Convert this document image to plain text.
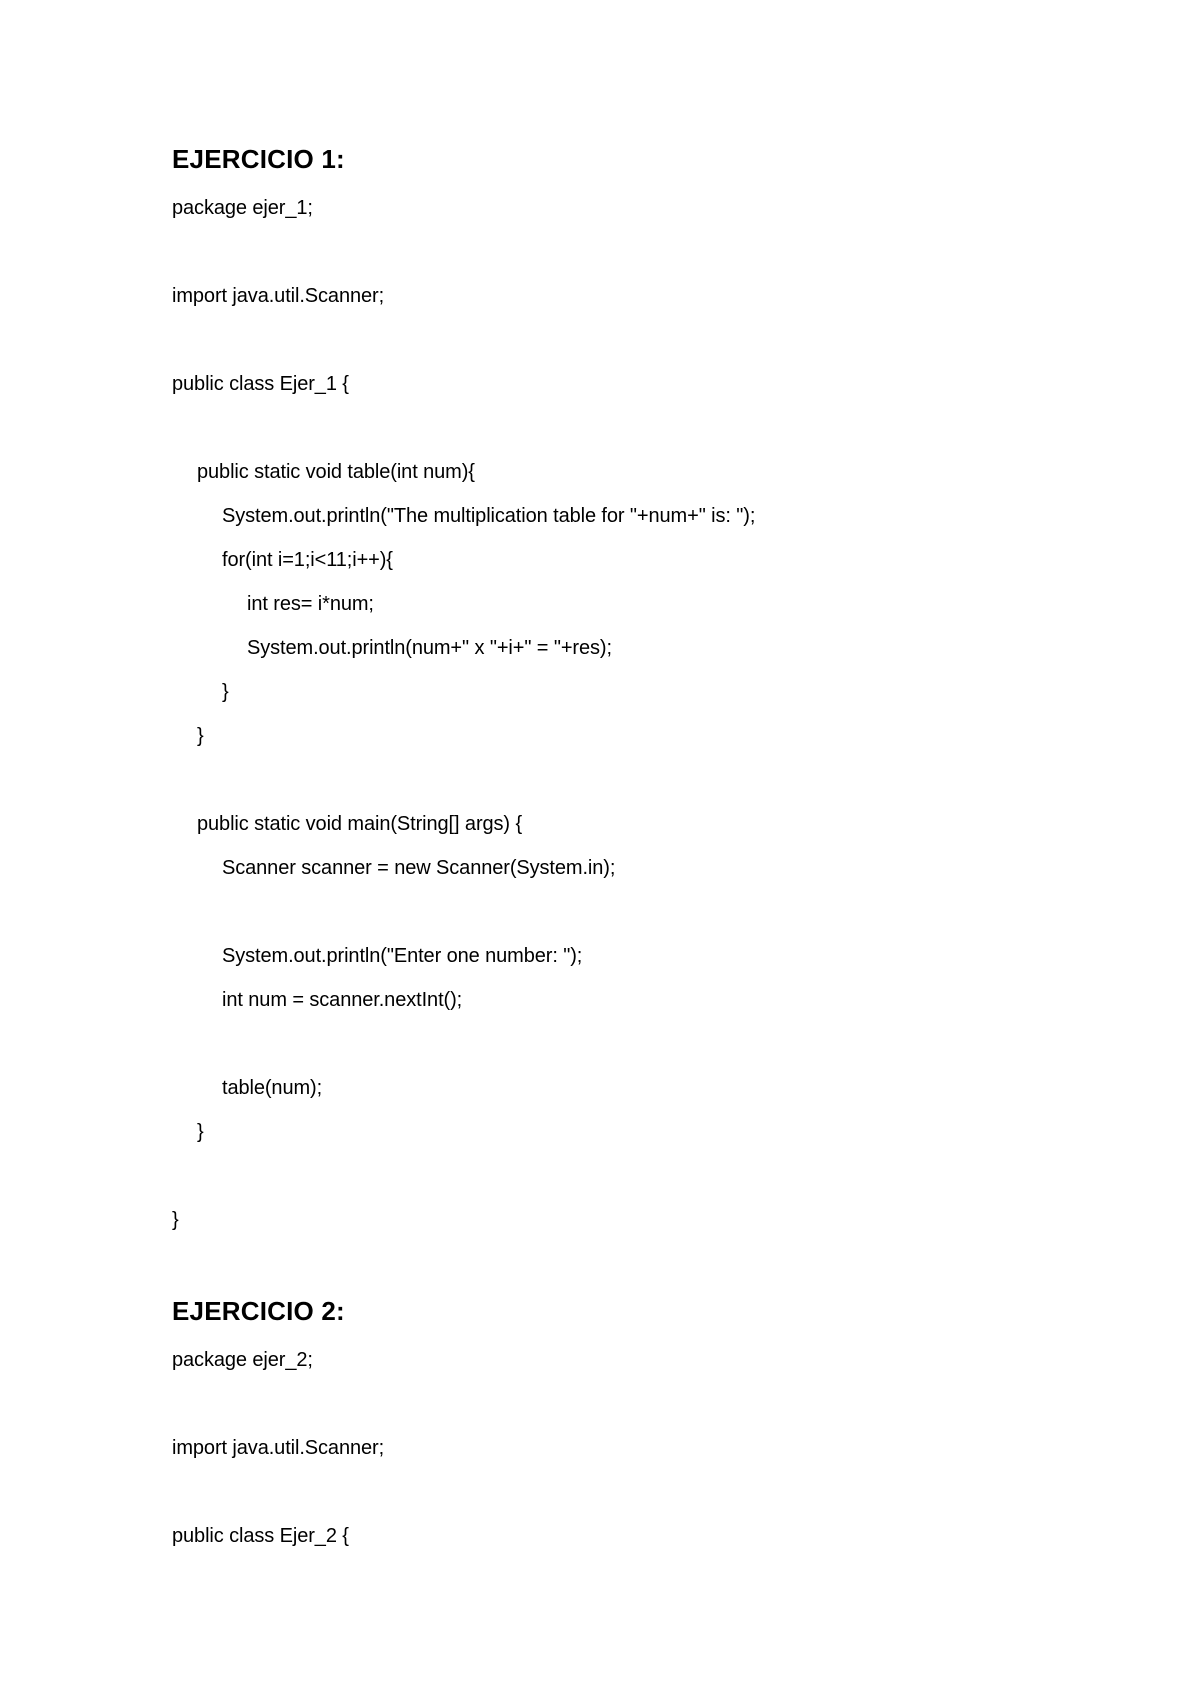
EJERCICIO 1:
package ejer_1;
import java.util.Scanner;
public class Ejer_1 {
public static void table(int num){
System.out.println("The multiplication table for "+num+" is: ");
for(int i=1;i<11;i++){
int res= i*num;
System.out.println(num+" x "+i+" = "+res);
}
}
public static void main(String[] args) {
Scanner scanner = new Scanner(System.in);
System.out.println("Enter one number: ");
int num = scanner.nextInt();
table(num);
}
}
EJERCICIO 2:
package ejer_2;
import java.util.Scanner;
public class Ejer_2 {
